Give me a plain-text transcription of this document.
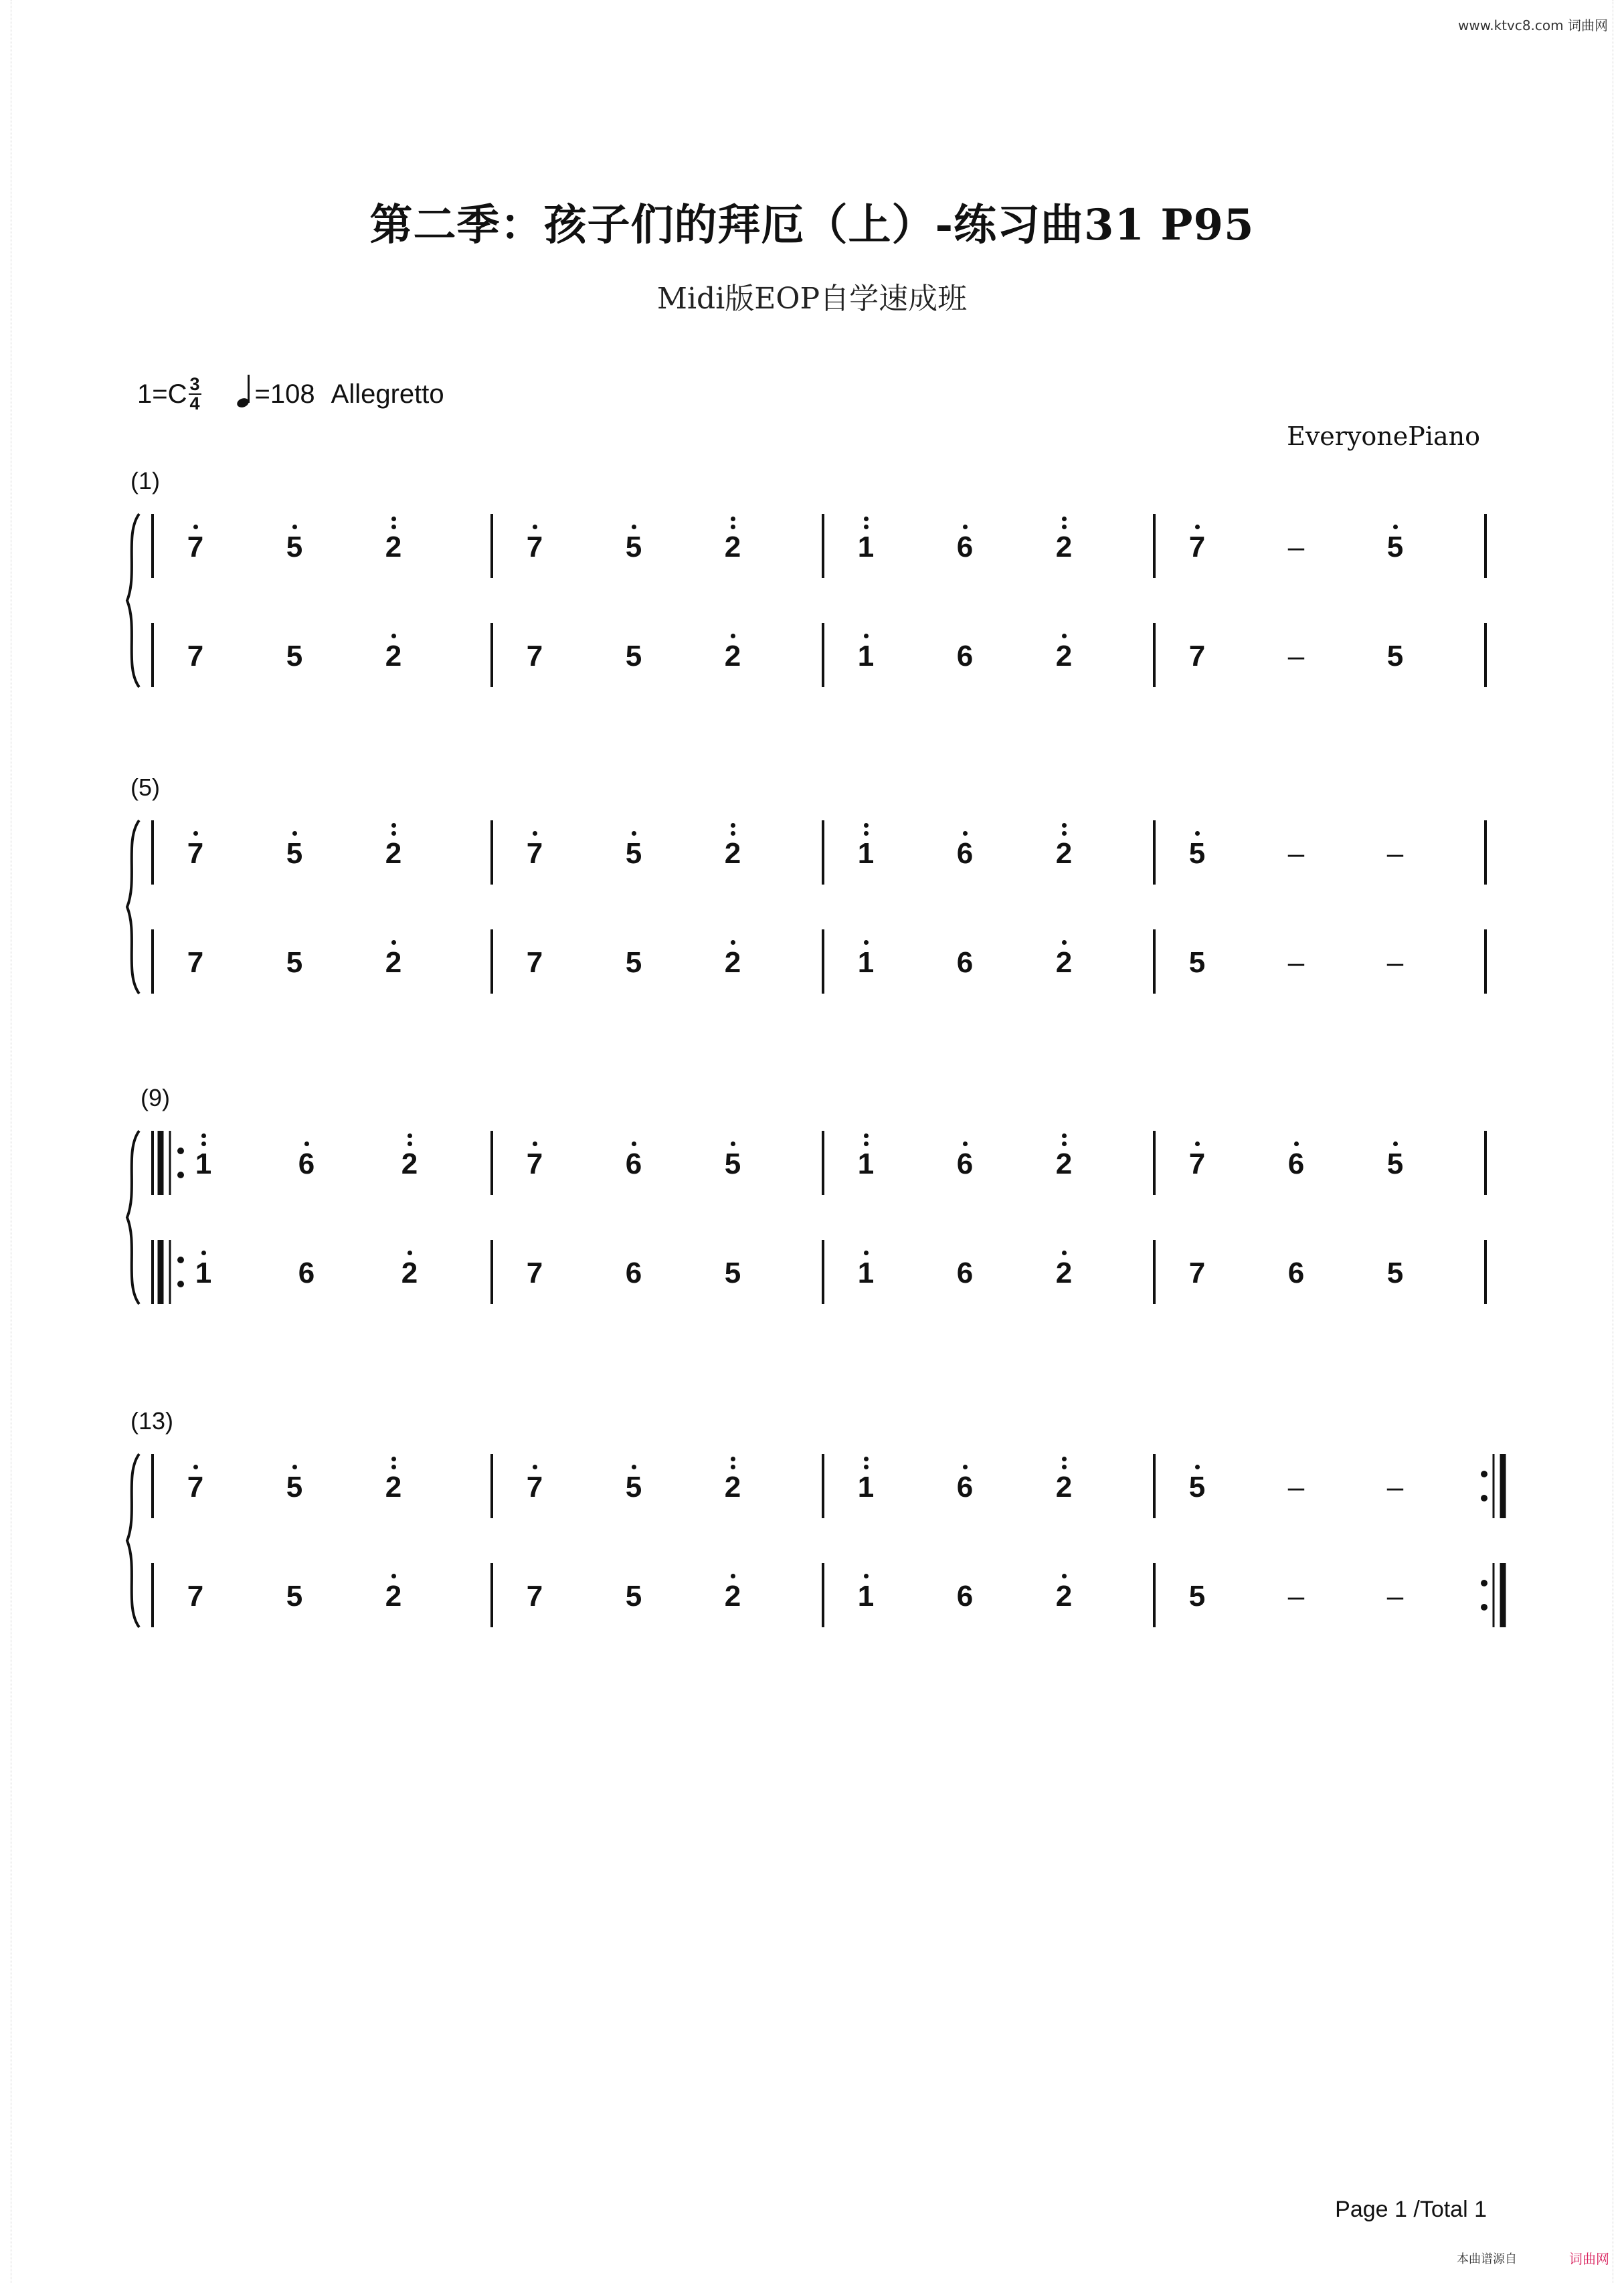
www.ktvc8.com 词曲网
第二季：孩子们的拜厄（上）-练习曲31 P95
Midi版EOP自学速成班
$1=C \frac{3}{4} =108$ Allegretto
EveryonePiano
(1)
7	5	2
7	5	2
7	5	2
7	5	2
1	6	2
1	6	2
7	–	5
7	–	5
(5)
7	5	2
7	5	2
7	5	2
7	5	2
1	6	2
1	6	2
5	–	–
5	–	–
(9)
1	6	2
1	6	2
7	6	5
7	6	5
1	6	2
1	6	2
7	6	5
7	6	5
(13)
7	5	2
7	5	2
7	5	2
7	5	2
1	6	2
1	6	2
5	–	–
5	–	–
Page 1 /Total 1
本曲谱源自	词曲网
